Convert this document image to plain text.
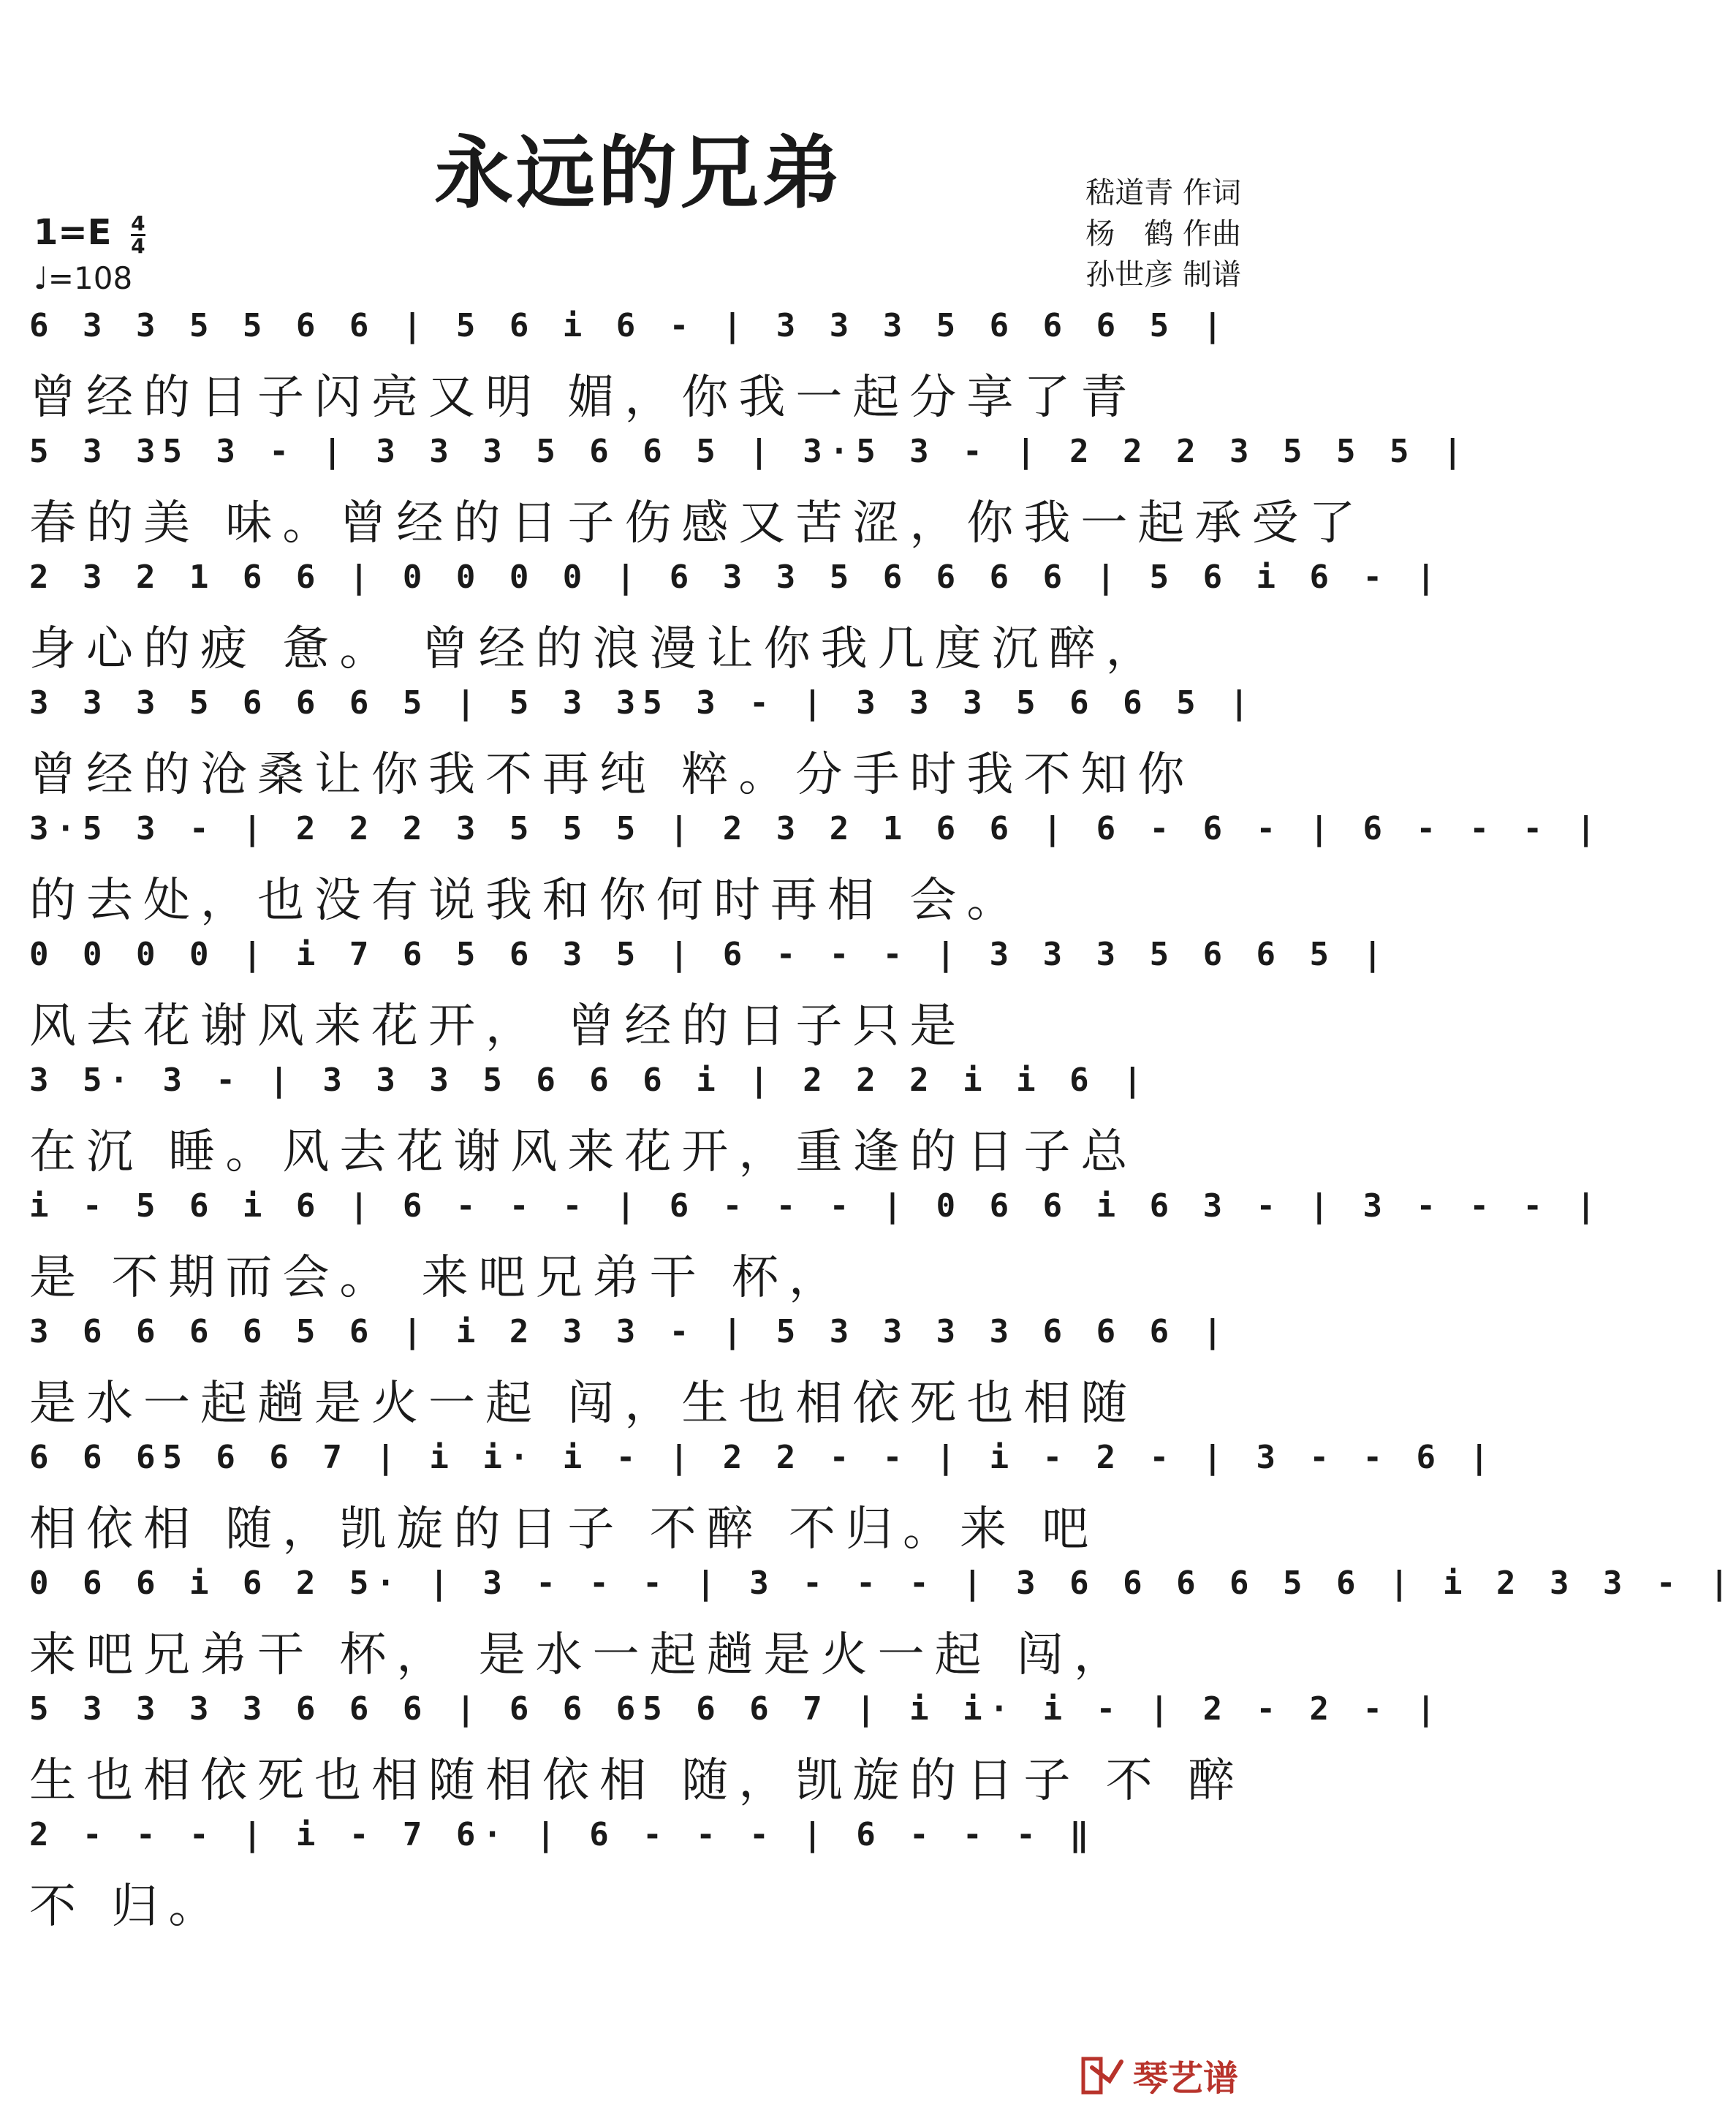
永远的兄弟	嵇道青 作词
杨　鹤 作曲
孙世彦 制谱
$1=E \frac{4}{4}$
♩=108
6 3 3 5 5 6 6 | 5 6 i 6 - | 3 3 3 5 6 6 6 5 |
曾经的日子闪亮又明 媚，你我一起分享了青
5 3 35 3 - | 3 3 3 5 6 6 5 | 3·5 3 - | 2 2 2 3 5 5 5 |
春的美 味。曾经的日子伤感又苦涩，你我一起承受了
2 3 2 1 6 6 | 0 0 0 0 | 6 3 3 5 6 6 6 6 | 5 6 i 6 - |
身心的疲 惫。 曾经的浪漫让你我几度沉醉，
3 3 3 5 6 6 6 5 | 5 3 35 3 - | 3 3 3 5 6 6 5 |
曾经的沧桑让你我不再纯 粹。分手时我不知你
3·5 3 - | 2 2 2 3 5 5 5 | 2 3 2 1 6 6 | 6 - 6 - | 6 - - - |
的去处，也没有说我和你何时再相 会。
0 0 0 0 | i 7 6 5 6 3 5 | 6 - - - | 3 3 3 5 6 6 5 |
风去花谢风来花开， 曾经的日子只是
3 5· 3 - | 3 3 3 5 6 6 6 i | 2 2 2 i i 6 |
在沉 睡。风去花谢风来花开，重逢的日子总
i - 5 6 i 6 | 6 - - - | 6 - - - | 0 6 6 i 6 3 - | 3 - - - |
是 不期而会。 来吧兄弟干 杯，
3 6 6 6 6 5 6 | i 2 3 3 - | 5 3 3 3 3 6 6 6 |
是水一起趟是火一起 闯，生也相依死也相随
6 6 65 6 6 7 | i i· i - | 2 2 - - | i - 2 - | 3 - - 6 |
相依相 随，凯旋的日子 不醉 不归。来 吧
0 6 6 i 6 2 5· | 3 - - - | 3 - - - | 3 6 6 6 6 5 6 | i 2 3 3 - |
来吧兄弟干 杯， 是水一起趟是火一起 闯，
5 3 3 3 3 6 6 6 | 6 6 65 6 6 7 | i i· i - | 2 - 2 - |
生也相依死也相随相依相 随，凯旋的日子 不 醉
2 - - - | i - 7 6· | 6 - - - | 6 - - - ‖
不 归。
琴艺谱
